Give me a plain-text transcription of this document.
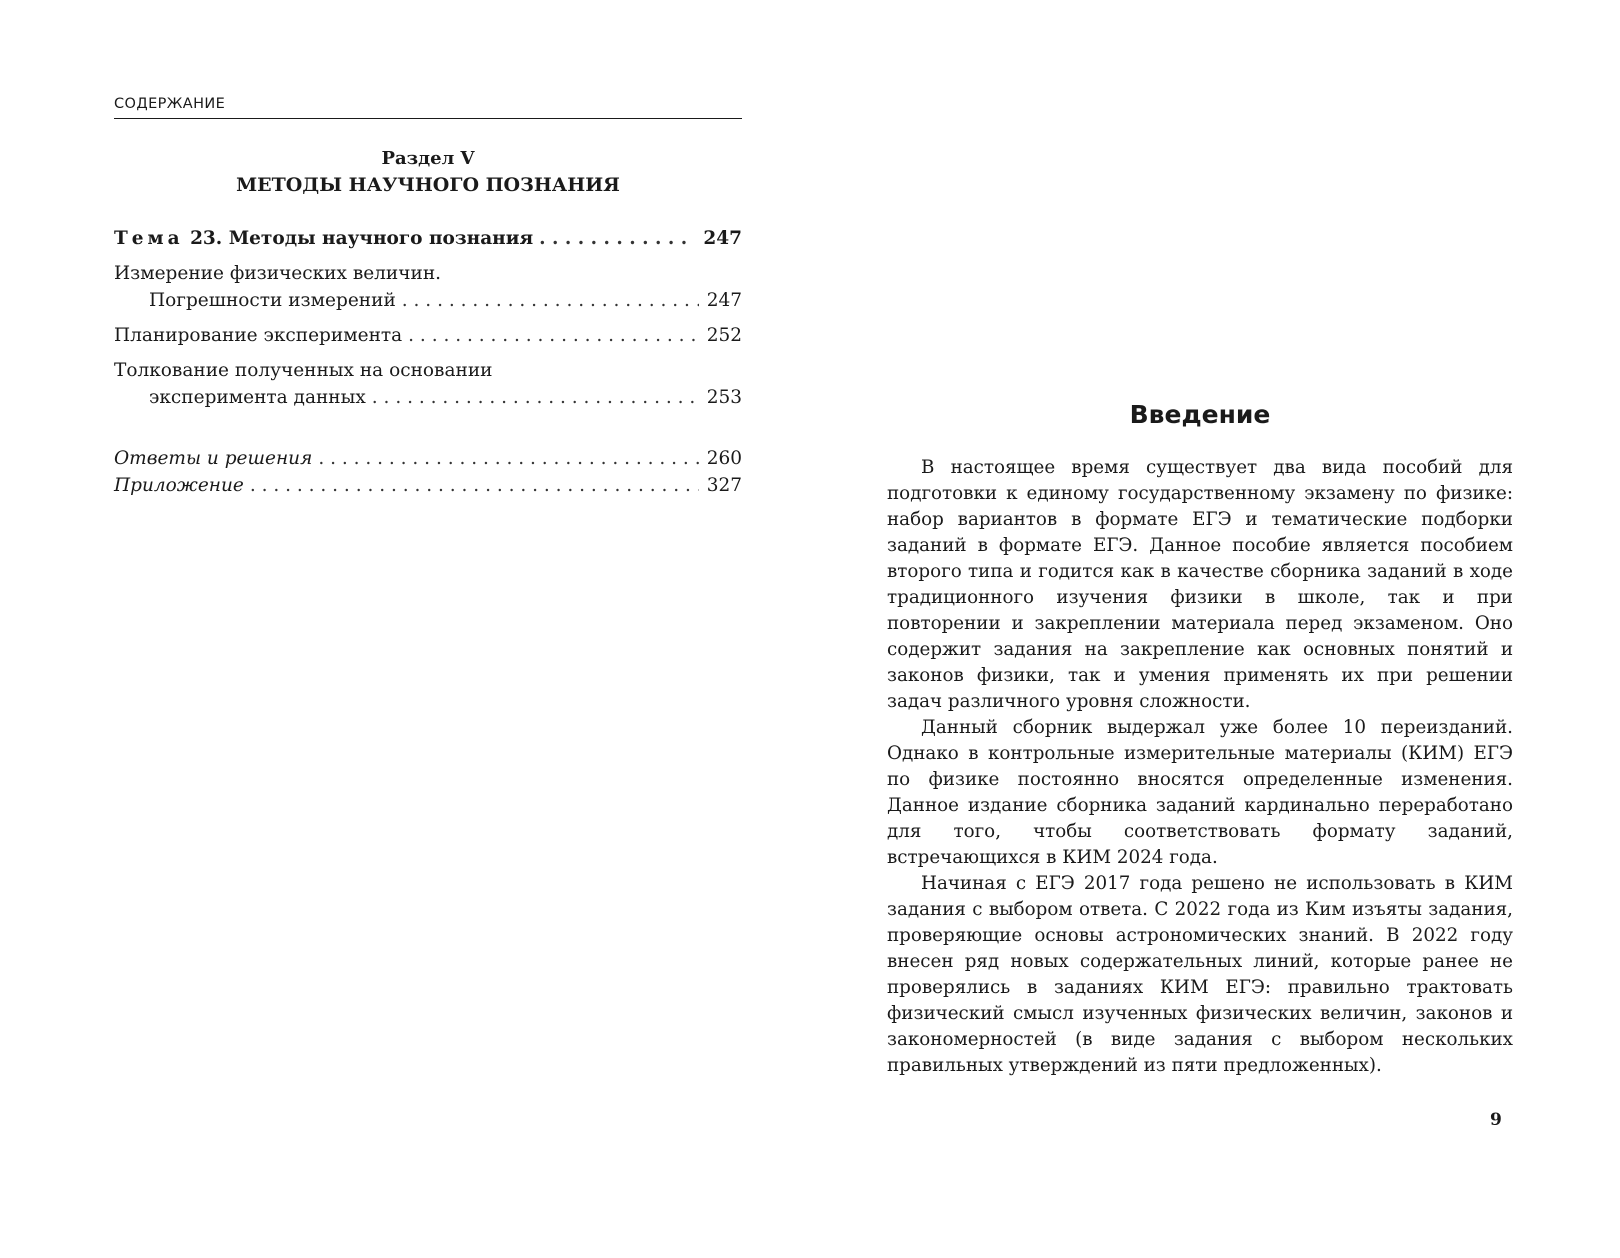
СОДЕРЖАНИЕ
Раздел V
МЕТОДЫ НАУЧНОГО ПОЗНАНИЯ
Тема 23. Методы научного познания . . .	247
Измерение физических величин.
Погрешности измерений . . .	247
Планирование эксперимента . . .	252
Толкование полученных на основании
эксперимента данных . . .	253
Ответы и решения . . .	260
Приложение . . .	327
Введение

В настоящее время существует два вида пособий для подготовки к единому государственному экзамену по физике: набор вариантов в формате ЕГЭ и тематические подборки заданий в формате ЕГЭ. Данное пособие является пособием второго типа и годится как в качестве сборника заданий в ходе традиционного изучения физики в школе, так и при повторении и закреплении материала перед экзаменом. Оно содержит задания на закрепление как основных понятий и законов физики, так и умения применять их при решении задач различного уровня сложности.

Данный сборник выдержал уже более 10 переизданий. Однако в контрольные измерительные материалы (КИМ) ЕГЭ по физике постоянно вносятся определенные изменения. Данное издание сборника заданий кардинально переработано для того, чтобы соответствовать формату заданий, встречающихся в КИМ 2024 года.

Начиная с ЕГЭ 2017 года решено не использовать в КИМ задания с выбором ответа. С 2022 года из Ким изъяты задания, проверяющие основы астрономических знаний. В 2022 году внесен ряд новых содержательных линий, которые ранее не проверялись в заданиях КИМ ЕГЭ: правильно трактовать физический смысл изученных физических величин, законов и закономерностей (в виде задания с выбором нескольких правильных утверждений из пяти предложенных).

9
